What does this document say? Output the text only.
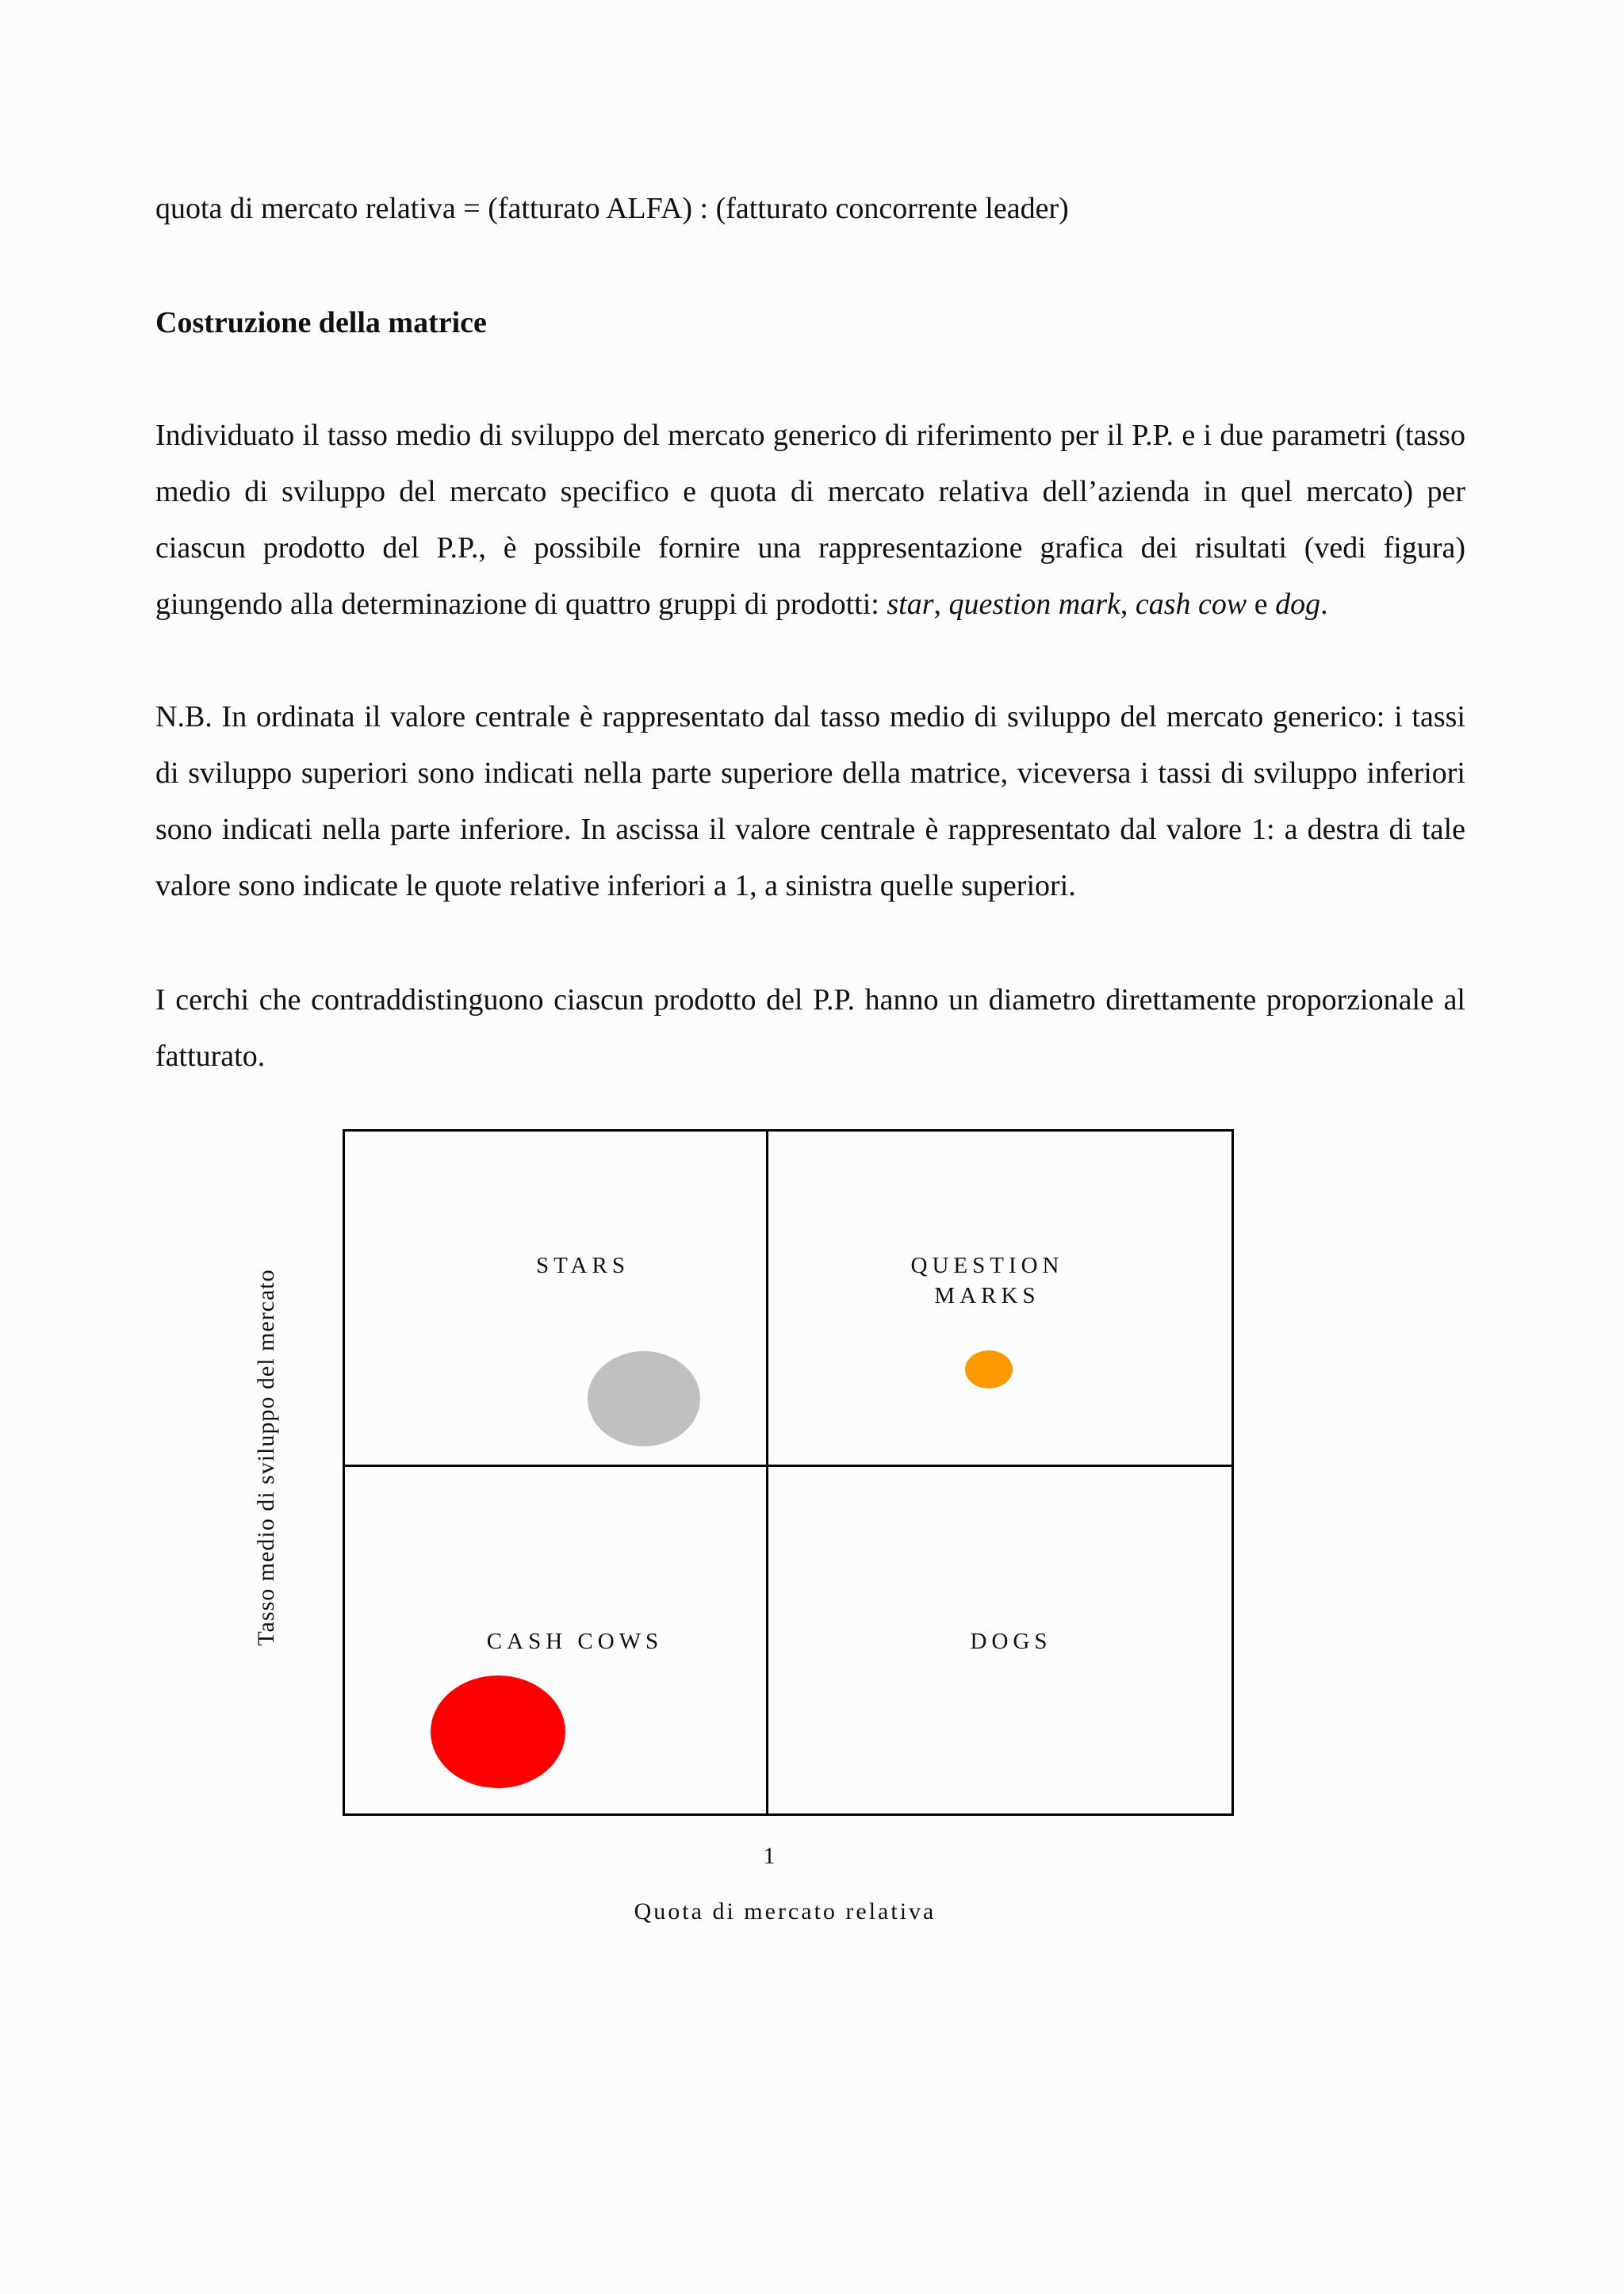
quota di mercato relativa = (fatturato ALFA) : (fatturato concorrente leader)

Costruzione della matrice

Individuato il tasso medio di sviluppo del mercato generico di riferimento per il P.P. e i due parametri (tasso medio di sviluppo del mercato specifico e quota di mercato relativa dell’azienda in quel mercato) per ciascun prodotto del P.P., è possibile fornire una rappresentazione grafica dei risultati (vedi figura) giungendo alla determinazione di quattro gruppi di prodotti: star, question mark, cash cow e dog.

N.B. In ordinata il valore centrale è rappresentato dal tasso medio di sviluppo del mercato generico: i tassi di sviluppo superiori sono indicati nella parte superiore della matrice, viceversa i tassi di sviluppo inferiori sono indicati nella parte inferiore. In ascissa il valore centrale è rappresentato dal valore 1: a destra di tale valore sono indicate le quote relative inferiori a 1, a sinistra quelle superiori.

I cerchi che contraddistinguono ciascun prodotto del P.P. hanno un diametro direttamente proporzionale al fatturato.

STARS	QUESTION
MARKS
CASH COWS	DOGS
Tasso medio di sviluppo del mercato
1
Quota di mercato relativa
